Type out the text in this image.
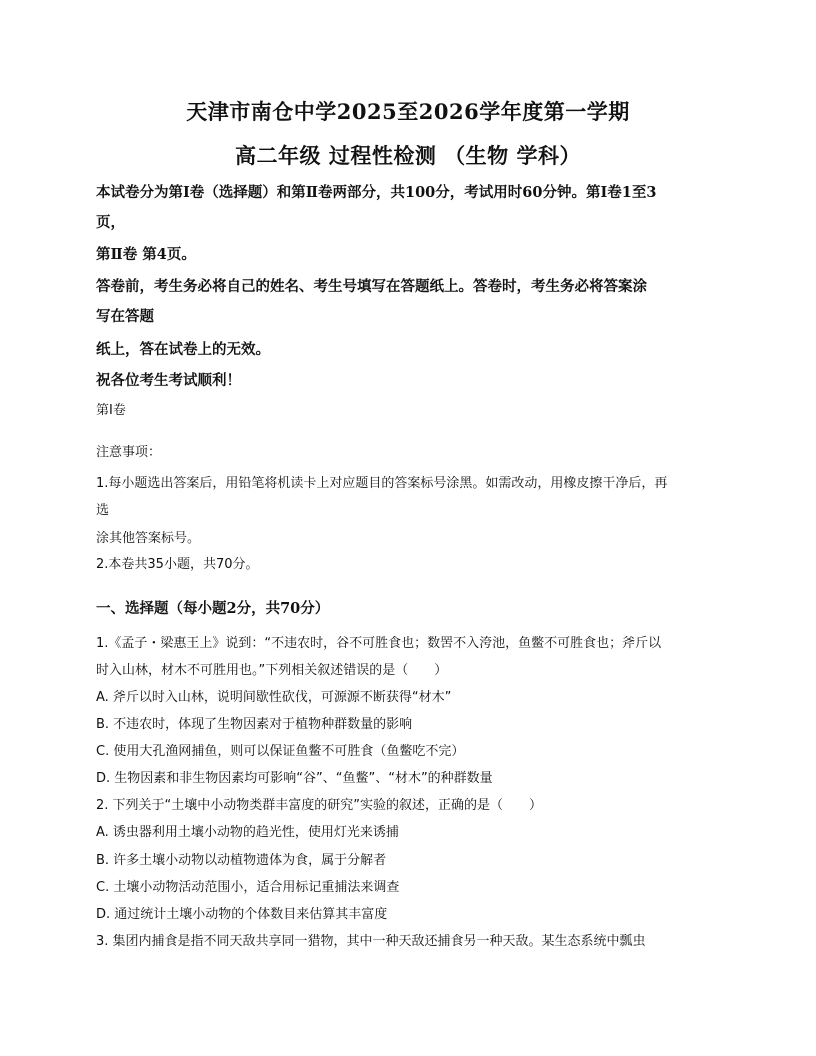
天津市南仓中学2025至2026学年度第一学期
高二年级 过程性检测 （生物 学科）
本试卷分为第Ⅰ卷（选择题）和第Ⅱ卷两部分，共100分，考试用时60分钟。第Ⅰ卷1至3
页，
第Ⅱ卷 第4页。
答卷前，考生务必将自己的姓名、考生号填写在答题纸上。答卷时，考生务必将答案涂
写在答题
纸上，答在试卷上的无效。
祝各位考生考试顺利！
第Ⅰ卷
注意事项：
1.每小题选出答案后，用铅笔将机读卡上对应题目的答案标号涂黑。如需改动，用橡皮擦干净后，再
选
涂其他答案标号。
2.本卷共35小题，共70分。
一、选择题（每小题2分，共70分）
1.《孟子・梁惠王上》说到：“不违农时，谷不可胜食也；数罟不入洿池，鱼鳖不可胜食也；斧斤以
时入山林，材木不可胜用也。”下列相关叙述错误的是（　　）
A. 斧斤以时入山林，说明间歇性砍伐，可源源不断获得“材木”
B. 不违农时，体现了生物因素对于植物种群数量的影响
C. 使用大孔渔网捕鱼，则可以保证鱼鳖不可胜食（鱼鳖吃不完）
D. 生物因素和非生物因素均可影响“谷”、“鱼鳖”、“材木”的种群数量
2. 下列关于“土壤中小动物类群丰富度的研究”实验的叙述，正确的是（　　）
A. 诱虫器利用土壤小动物的趋光性，使用灯光来诱捕
B. 许多土壤小动物以动植物遗体为食，属于分解者
C. 土壤小动物活动范围小，适合用标记重捕法来调查
D. 通过统计土壤小动物的个体数目来估算其丰富度
3. 集团内捕食是指不同天敌共享同一猎物，其中一种天敌还捕食另一种天敌。某生态系统中瓢虫
